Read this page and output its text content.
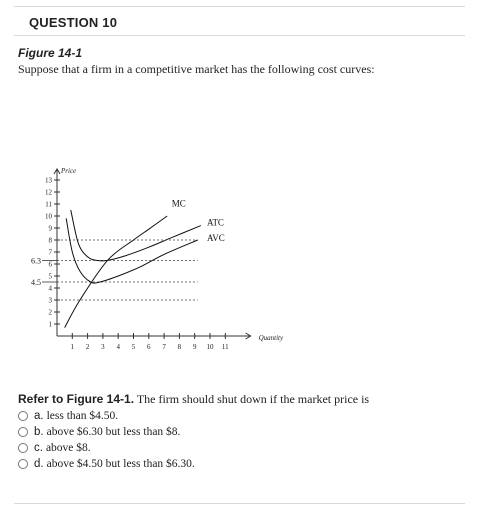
QUESTION 10
Figure 14-1
Suppose that a firm in a competitive market has the following cost curves:
Price
Quantity
1
2
3
4
5
6
7
8
9
10
11
12
13
1 2 3 4 5 6 7 8 9 10 11
6.3
4.5
MC
ATC
AVC
Refer to Figure 14-1. The firm should shut down if the market price is
a. less than $4.50.
b. above $6.30 but less than $8.
c. above $8.
d. above $4.50 but less than $6.30.
